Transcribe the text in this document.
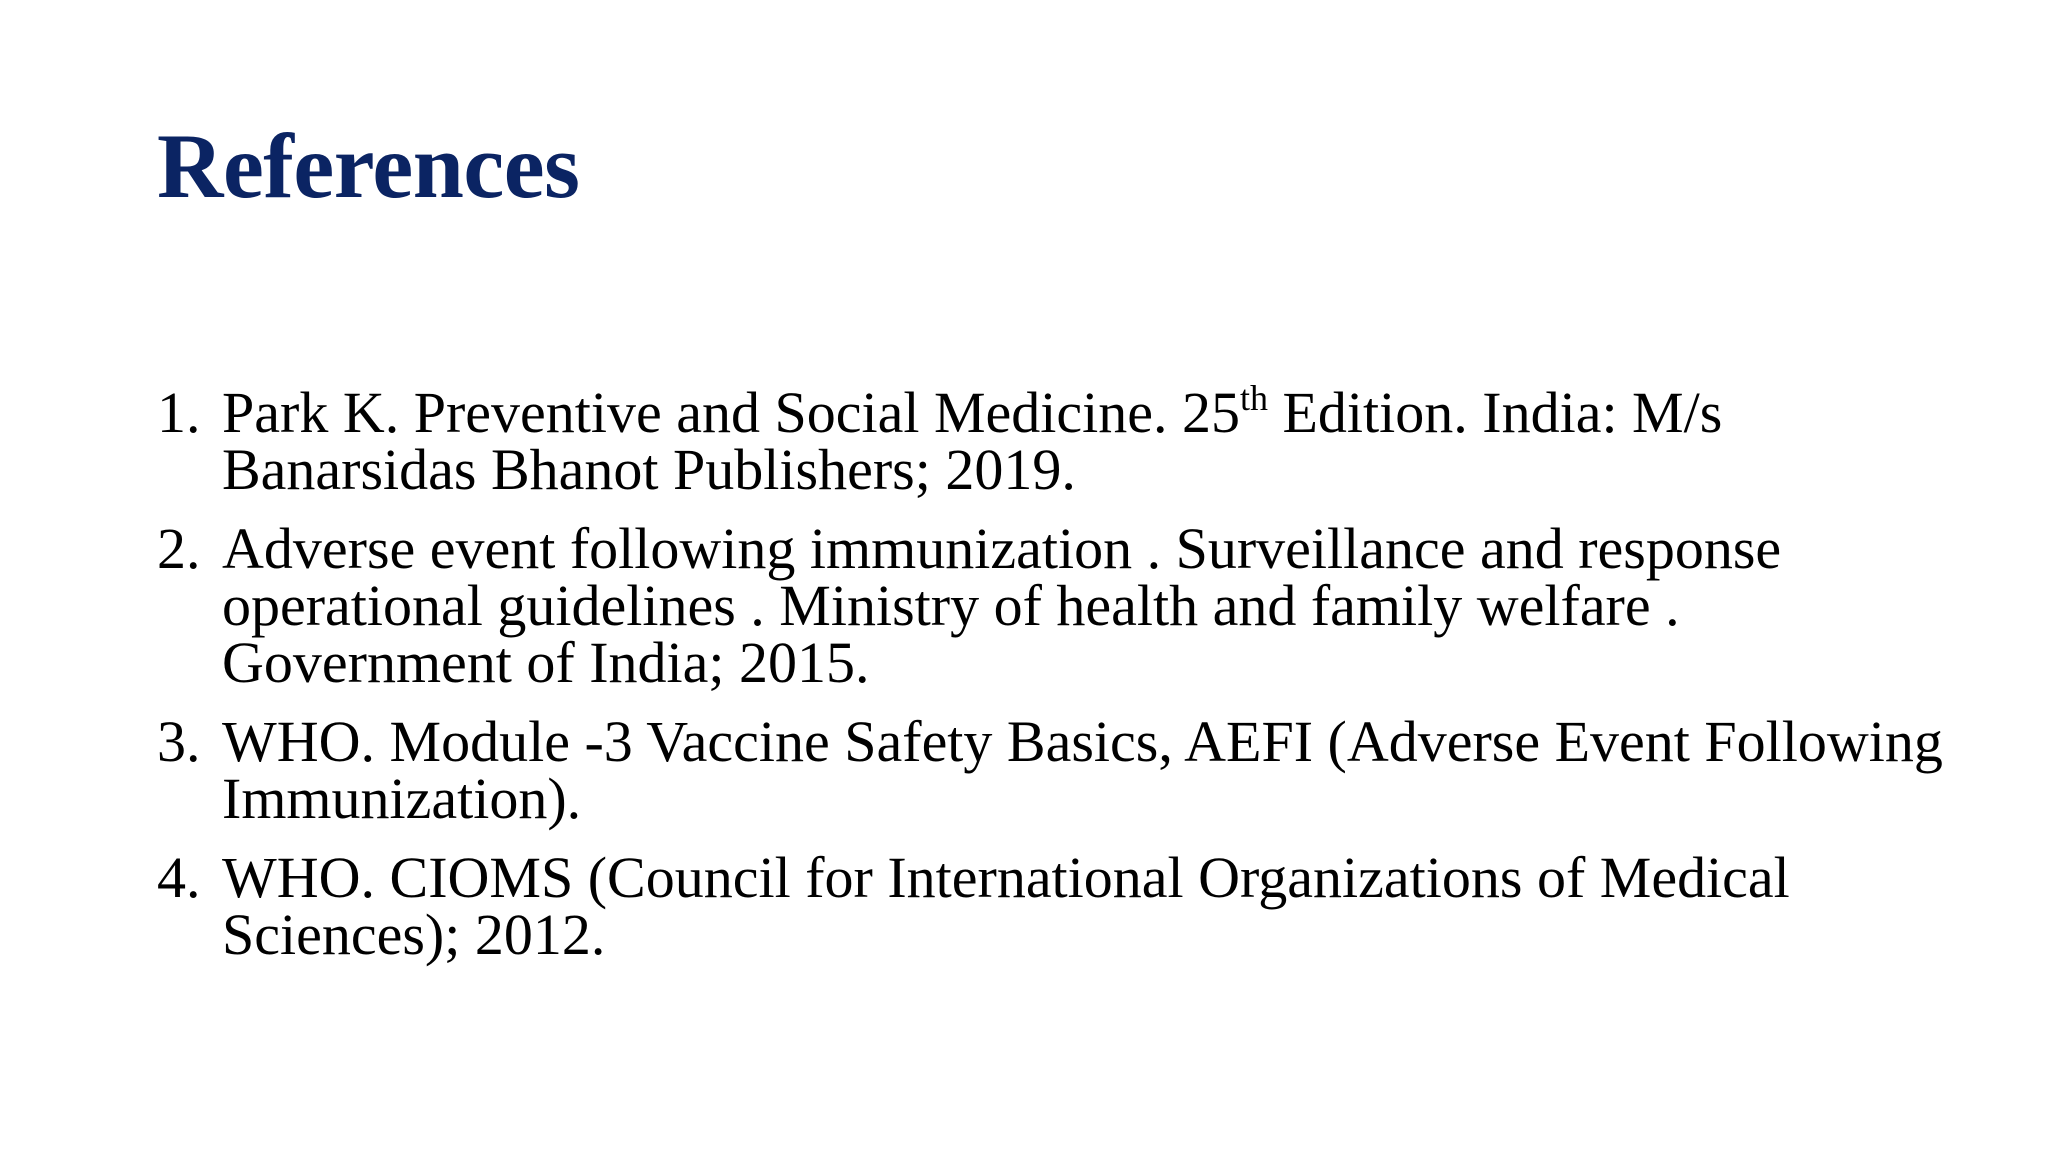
References
1. Park K. Preventive and Social Medicine. 25th Edition. India: M/s Banarsidas Bhanot Publishers; 2019.
2. Adverse event following immunization . Surveillance and response operational guidelines . Ministry of health and family welfare . Government of India; 2015.
3. WHO. Module -3 Vaccine Safety Basics, AEFI (Adverse Event Following Immunization).
4. WHO. CIOMS (Council for International Organizations of Medical Sciences); 2012.
